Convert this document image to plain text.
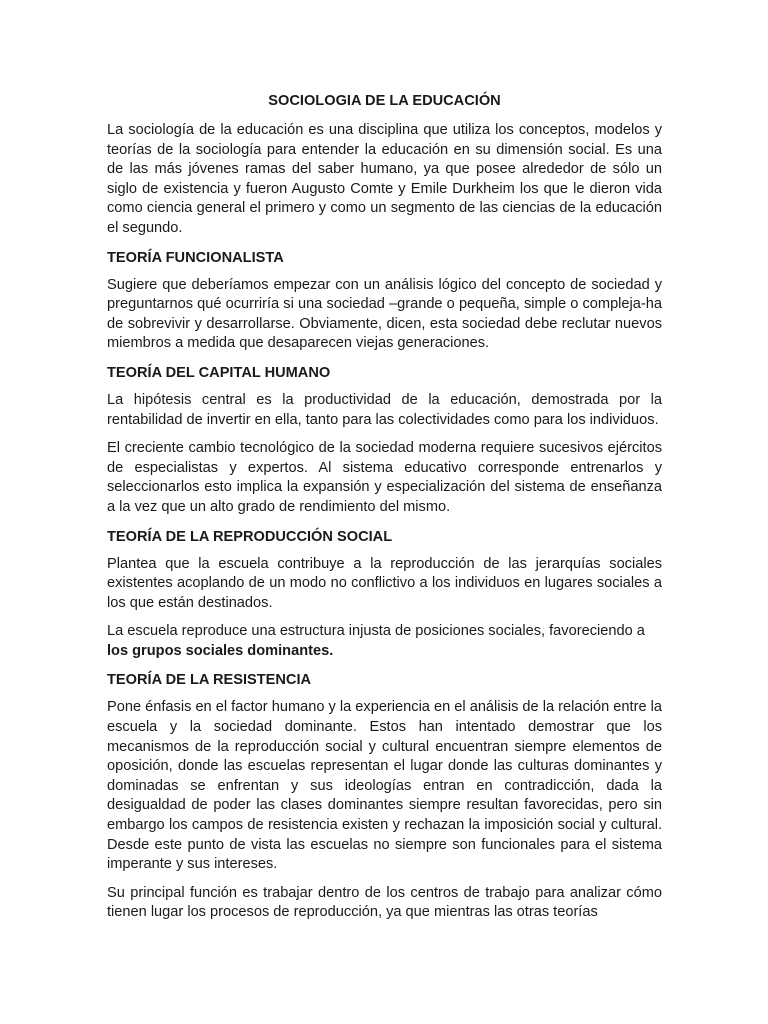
SOCIOLOGIA DE LA EDUCACIÓN

La sociología de la educación es una disciplina que utiliza los conceptos, modelos y teorías de la sociología para entender la educación en su dimensión social. Es una de las más jóvenes ramas del saber humano, ya que posee alrededor de sólo un siglo de existencia y fueron Augusto Comte y Emile Durkheim los que le dieron vida como ciencia general el primero y como un segmento de las ciencias de la educación el segundo.

TEORÍA FUNCIONALISTA

Sugiere que deberíamos empezar con un análisis lógico del concepto de sociedad y preguntarnos qué ocurriría si una sociedad –grande o pequeña, simple o compleja-ha de sobrevivir y desarrollarse. Obviamente, dicen, esta sociedad debe reclutar nuevos miembros a medida que desaparecen viejas generaciones.

TEORÍA DEL CAPITAL HUMANO

La hipótesis central es la productividad de la educación, demostrada por la rentabilidad de invertir en ella, tanto para las colectividades como para los individuos.

El creciente cambio tecnológico de la sociedad moderna requiere sucesivos ejércitos de especialistas y expertos. Al sistema educativo corresponde entrenarlos y seleccionarlos esto implica la expansión y especialización del sistema de enseñanza a la vez que un alto grado de rendimiento del mismo.

TEORÍA DE LA REPRODUCCIÓN SOCIAL

Plantea que la escuela contribuye a la reproducción de las jerarquías sociales existentes acoplando de un modo no conflictivo a los individuos en lugares sociales a los que están destinados.

La escuela reproduce una estructura injusta de posiciones sociales, favoreciendo a
los grupos sociales dominantes.

TEORÍA DE LA RESISTENCIA

Pone énfasis en el factor humano y la experiencia en el análisis de la relación entre la escuela y la sociedad dominante. Estos han intentado demostrar que los mecanismos de la reproducción social y cultural encuentran siempre elementos de oposición, donde las escuelas representan el lugar donde las culturas dominantes y dominadas se enfrentan y sus ideologías entran en contradicción, dada la desigualdad de poder las clases dominantes siempre resultan favorecidas, pero sin embargo los campos de resistencia existen y rechazan la imposición social y cultural. Desde este punto de vista las escuelas no siempre son funcionales para el sistema imperante y sus intereses.

Su principal función es trabajar dentro de los centros de trabajo para analizar cómo tienen lugar los procesos de reproducción, ya que mientras las otras teorías
